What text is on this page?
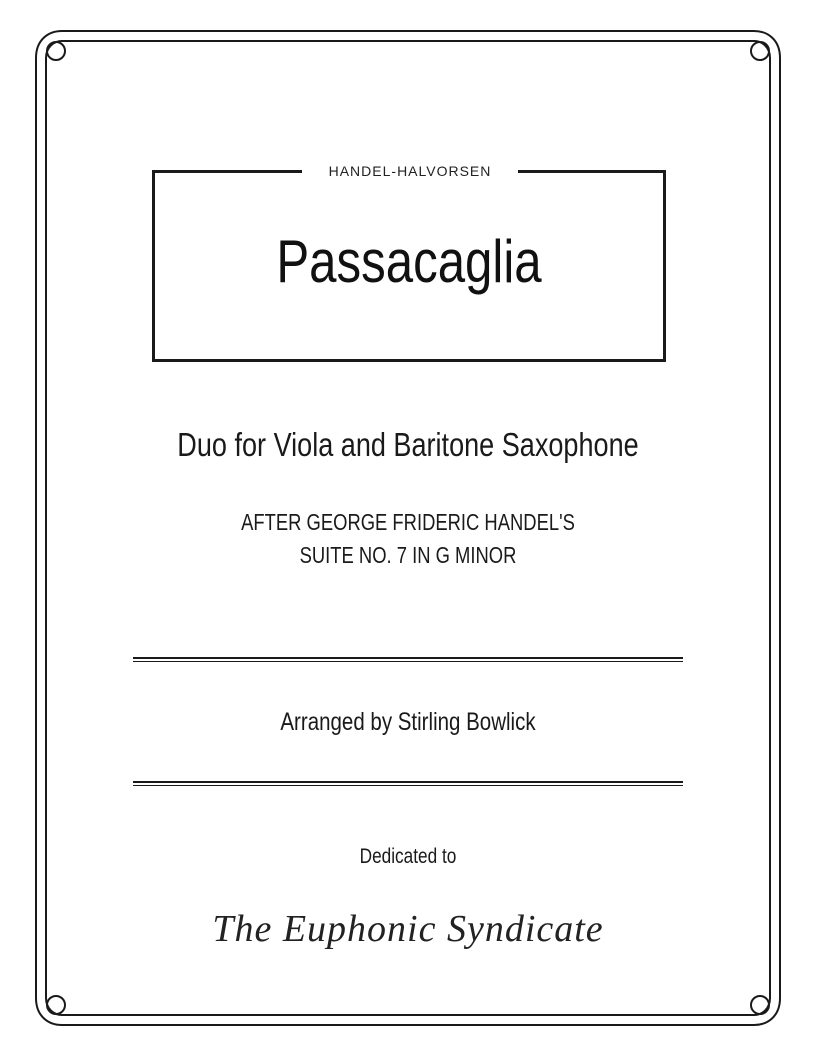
HANDEL-HALVORSEN
Passacaglia
Duo for Viola and Baritone Saxophone
AFTER GEORGE FRIDERIC HANDEL'S
SUITE NO. 7 IN G MINOR
Arranged by Stirling Bowlick
Dedicated to
The Euphonic Syndicate
